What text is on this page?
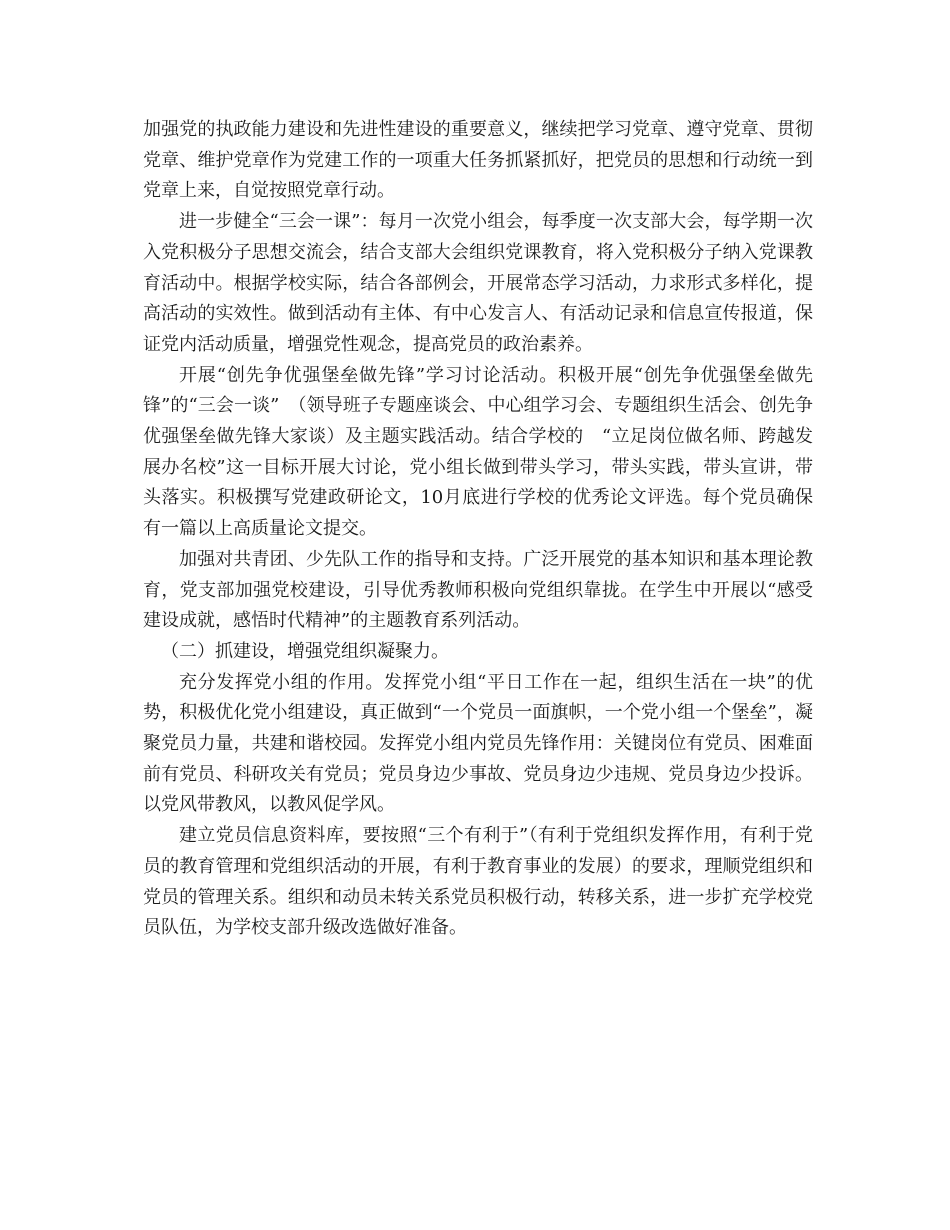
加强党的执政能力建设和先进性建设的重要意义，继续把学习党章、遵守党章、贯彻党章、维护党章作为党建工作的一项重大任务抓紧抓好，把党员的思想和行动统一到党章上来，自觉按照党章行动。

进一步健全“三会一课”：每月一次党小组会，每季度一次支部大会，每学期一次入党积极分子思想交流会，结合支部大会组织党课教育，将入党积极分子纳入党课教育活动中。根据学校实际，结合各部例会，开展常态学习活动，力求形式多样化，提高活动的实效性。做到活动有主体、有中心发言人、有活动记录和信息宣传报道，保证党内活动质量，增强党性观念，提高党员的政治素养。

开展“创先争优强堡垒做先锋”学习讨论活动。积极开展“创先争优强堡垒做先锋”的“三会一谈”　（领导班子专题座谈会、中心组学习会、专题组织生活会、创先争优强堡垒做先锋大家谈）及主题实践活动。结合学校的　“立足岗位做名师、跨越发展办名校”这一目标开展大讨论，党小组长做到带头学习，带头实践，带头宣讲，带头落实。积极撰写党建政研论文，10月底进行学校的优秀论文评选。每个党员确保有一篇以上高质量论文提交。

加强对共青团、少先队工作的指导和支持。广泛开展党的基本知识和基本理论教育，党支部加强党校建设，引导优秀教师积极向党组织靠拢。在学生中开展以“感受建设成就，感悟时代精神”的主题教育系列活动。

（二）抓建设，增强党组织凝聚力。

充分发挥党小组的作用。发挥党小组“平日工作在一起，组织生活在一块”的优势，积极优化党小组建设，真正做到“一个党员一面旗帜，一个党小组一个堡垒”，凝聚党员力量，共建和谐校园。发挥党小组内党员先锋作用：关键岗位有党员、困难面前有党员、科研攻关有党员；党员身边少事故、党员身边少违规、党员身边少投诉。以党风带教风，以教风促学风。

建立党员信息资料库，要按照“三个有利于”（有利于党组织发挥作用，有利于党员的教育管理和党组织活动的开展，有利于教育事业的发展）的要求，理顺党组织和党员的管理关系。组织和动员未转关系党员积极行动，转移关系，进一步扩充学校党员队伍，为学校支部升级改选做好准备。
